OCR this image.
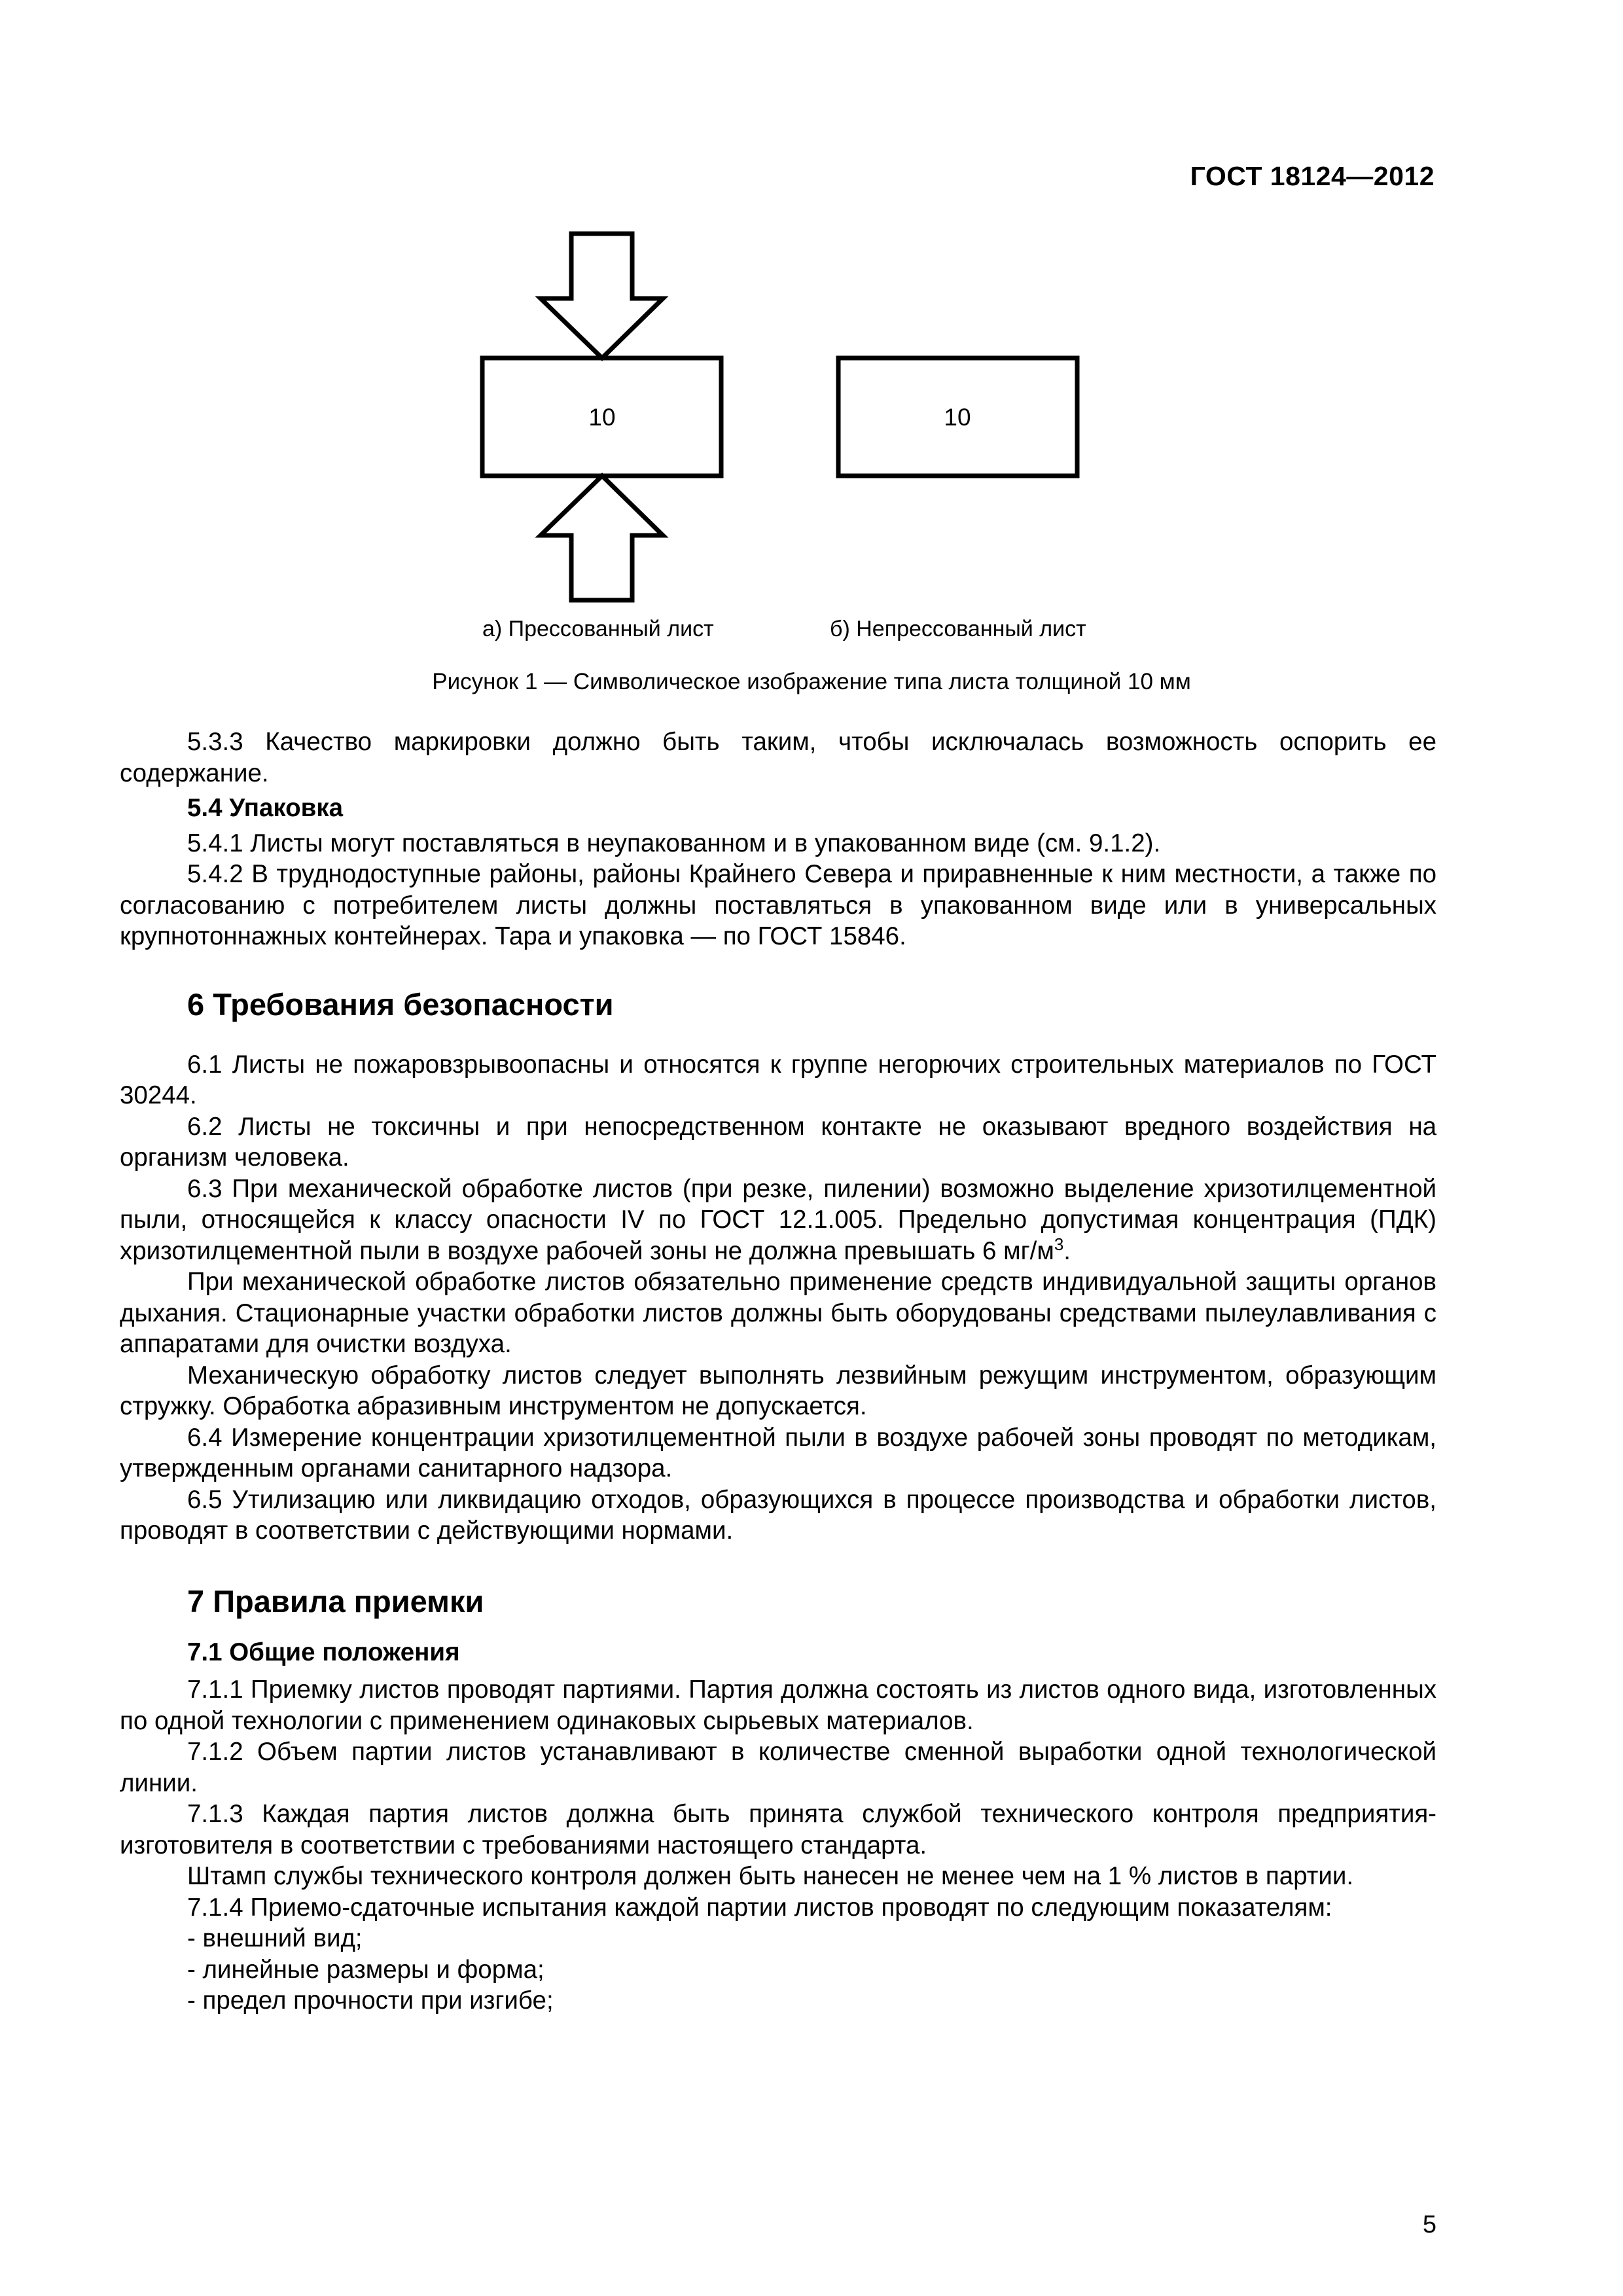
ГОСТ 18124—2012
10	10
а) Прессованный лист	б) Непрессованный лист
Рисунок 1 — Символическое изображение типа листа толщиной 10 мм

5.3.3 Качество маркировки должно быть таким, чтобы исключалась возможность оспорить ее содержание.

5.4 Упаковка

5.4.1 Листы могут поставляться в неупакованном и в упакованном виде (см. 9.1.2).

5.4.2 В труднодоступные районы, районы Крайнего Севера и приравненные к ним местности, а также по согласованию с потребителем листы должны поставляться в упакованном виде или в универсальных крупнотоннажных контейнерах. Тара и упаковка — по ГОСТ 15846.

6 Требования безопасности

6.1 Листы не пожаровзрывоопасны и относятся к группе негорючих строительных материалов по ГОСТ 30244.

6.2 Листы не токсичны и при непосредственном контакте не оказывают вредного воздействия на организм человека.

6.3 При механической обработке листов (при резке, пилении) возможно выделение хризотилцементной пыли, относящейся к классу опасности IV по ГОСТ 12.1.005. Предельно допустимая концентрация (ПДК) хризотилцементной пыли в воздухе рабочей зоны не должна превышать 6 $мг/м^3$.

При механической обработке листов обязательно применение средств индивидуальной защиты органов дыхания. Стационарные участки обработки листов должны быть оборудованы средствами пылеулавливания с аппаратами для очистки воздуха.

Механическую обработку листов следует выполнять лезвийным режущим инструментом, образующим стружку. Обработка абразивным инструментом не допускается.

6.4 Измерение концентрации хризотилцементной пыли в воздухе рабочей зоны проводят по методикам, утвержденным органами санитарного надзора.

6.5 Утилизацию или ликвидацию отходов, образующихся в процессе производства и обработки листов, проводят в соответствии с действующими нормами.

7 Правила приемки

7.1 Общие положения

7.1.1 Приемку листов проводят партиями. Партия должна состоять из листов одного вида, изготовленных по одной технологии с применением одинаковых сырьевых материалов.

7.1.2 Объем партии листов устанавливают в количестве сменной выработки одной технологической линии.

7.1.3 Каждая партия листов должна быть принята службой технического контроля предприятия-изготовителя в соответствии с требованиями настоящего стандарта.

Штамп службы технического контроля должен быть нанесен не менее чем на 1 % листов в партии.

7.1.4 Приемо-сдаточные испытания каждой партии листов проводят по следующим показателям:

- внешний вид;

- линейные размеры и форма;

- предел прочности при изгибе;

5
